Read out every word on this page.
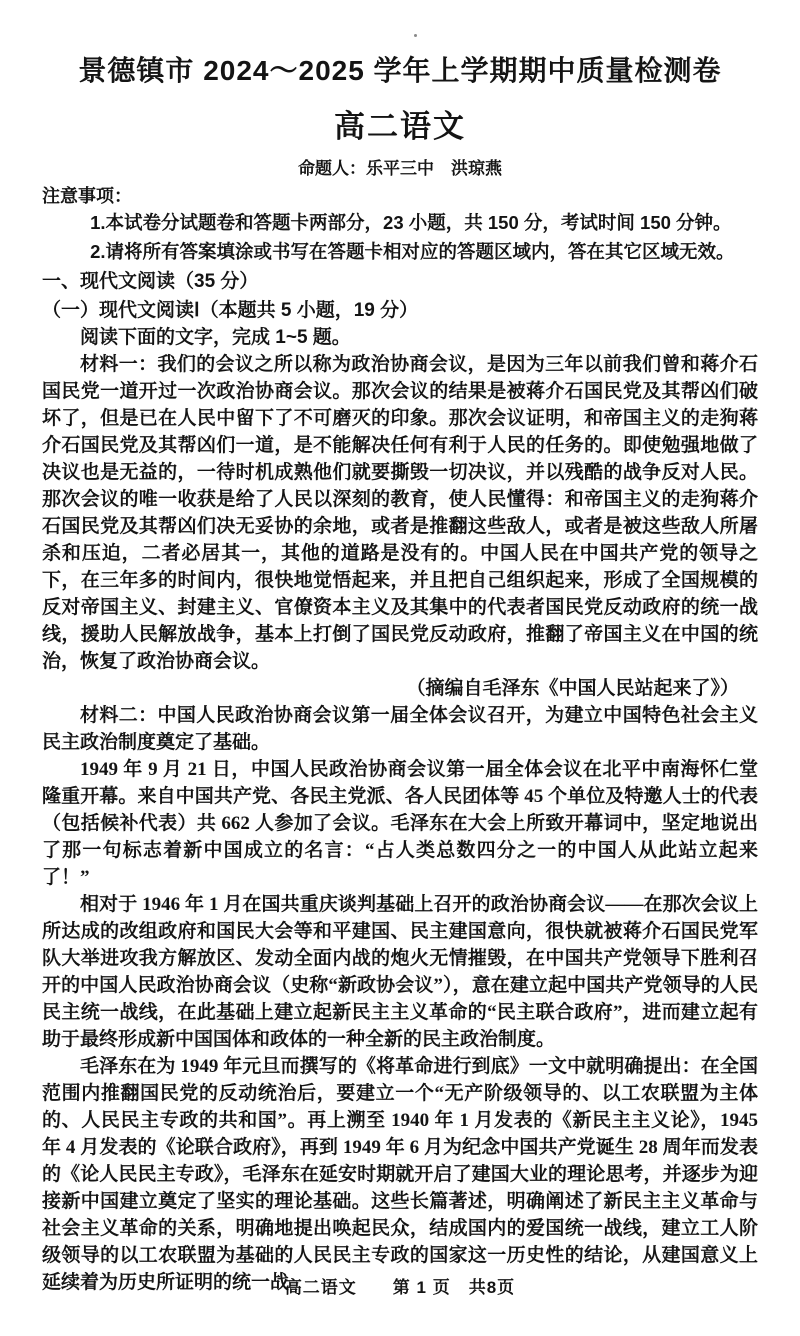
景德镇市 2024～2025 学年上学期期中质量检测卷
高二语文
命题人：乐平三中　洪琼燕
注意事项：

1.本试卷分试题卷和答题卡两部分，23 小题，共 150 分，考试时间 150 分钟。

2.请将所有答案填涂或书写在答题卡相对应的答题区域内，答在其它区域无效。

一、现代文阅读（35 分）
（一）现代文阅读Ⅰ（本题共 5 小题，19 分）

阅读下面的文字，完成 1~5 题。

材料一：我们的会议之所以称为政治协商会议，是因为三年以前我们曾和蒋介石国民党一道开过一次政治协商会议。那次会议的结果是被蒋介石国民党及其帮凶们破坏了，但是已在人民中留下了不可磨灭的印象。那次会议证明，和帝国主义的走狗蒋介石国民党及其帮凶们一道，是不能解决任何有利于人民的任务的。即使勉强地做了决议也是无益的，一待时机成熟他们就要撕毁一切决议，并以残酷的战争反对人民。那次会议的唯一收获是给了人民以深刻的教育，使人民懂得：和帝国主义的走狗蒋介石国民党及其帮凶们决无妥协的余地，或者是推翻这些敌人，或者是被这些敌人所屠杀和压迫，二者必居其一，其他的道路是没有的。中国人民在中国共产党的领导之下，在三年多的时间内，很快地觉悟起来，并且把自己组织起来，形成了全国规模的反对帝国主义、封建主义、官僚资本主义及其集中的代表者国民党反动政府的统一战线，援助人民解放战争，基本上打倒了国民党反动政府，推翻了帝国主义在中国的统治，恢复了政治协商会议。

（摘编自毛泽东《中国人民站起来了》）

材料二：中国人民政治协商会议第一届全体会议召开，为建立中国特色社会主义民主政治制度奠定了基础。

1949 年 9 月 21 日，中国人民政治协商会议第一届全体会议在北平中南海怀仁堂隆重开幕。来自中国共产党、各民主党派、各人民团体等 45 个单位及特邀人士的代表（包括候补代表）共 662 人参加了会议。毛泽东在大会上所致开幕词中，坚定地说出了那一句标志着新中国成立的名言：“占人类总数四分之一的中国人从此站立起来了！”

相对于 1946 年 1 月在国共重庆谈判基础上召开的政治协商会议——在那次会议上所达成的改组政府和国民大会等和平建国、民主建国意向，很快就被蒋介石国民党军队大举进攻我方解放区、发动全面内战的炮火无情摧毁，在中国共产党领导下胜利召开的中国人民政治协商会议（史称“新政协会议”），意在建立起中国共产党领导的人民民主统一战线，在此基础上建立起新民主主义革命的“民主联合政府”，进而建立起有助于最终形成新中国国体和政体的一种全新的民主政治制度。

毛泽东在为 1949 年元旦而撰写的《将革命进行到底》一文中就明确提出：在全国范围内推翻国民党的反动统治后，要建立一个“无产阶级领导的、以工农联盟为主体的、人民民主专政的共和国”。再上溯至 1940 年 1 月发表的《新民主主义论》，1945 年 4 月发表的《论联合政府》，再到 1949 年 6 月为纪念中国共产党诞生 28 周年而发表的《论人民民主专政》，毛泽东在延安时期就开启了建国大业的理论思考，并逐步为迎接新中国建立奠定了坚实的理论基础。这些长篇著述，明确阐述了新民主主义革命与社会主义革命的关系，明确地提出唤起民众，结成国内的爱国统一战线，建立工人阶级领导的以工农联盟为基础的人民民主专政的国家这一历史性的结论，从建国意义上延续着为历史所证明的统一战

高二语文　　第 1 页　共8页
